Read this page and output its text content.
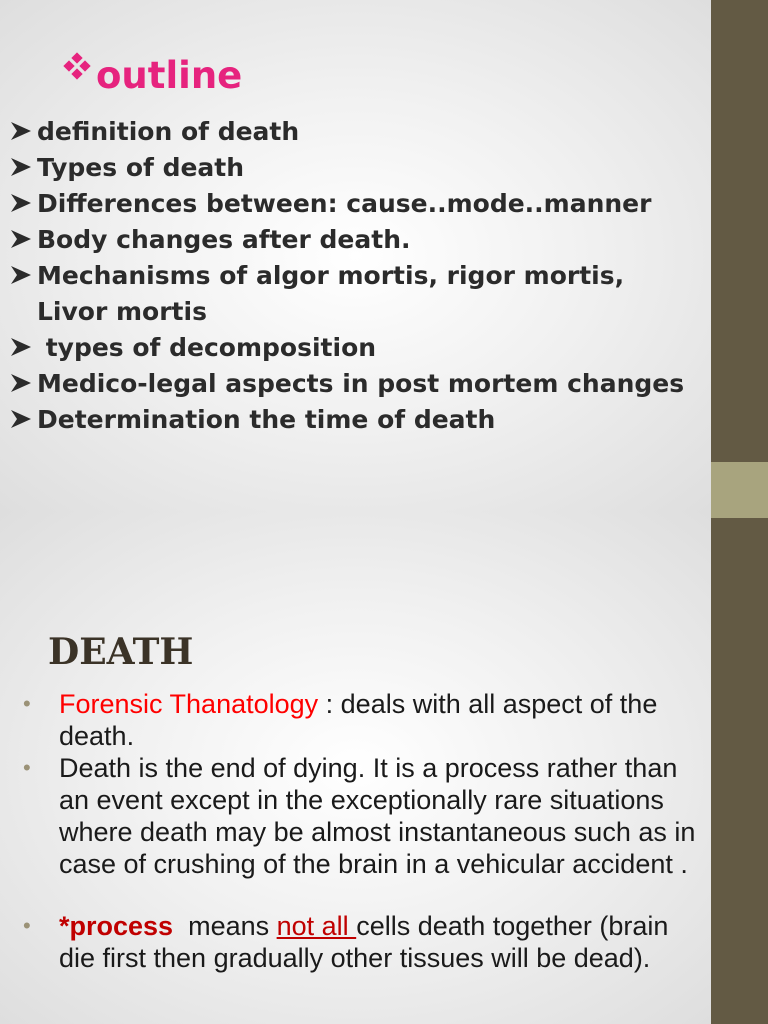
outline
definition of death
Types of death
Differences between: cause..mode..manner
Body changes after death.
Mechanisms of algor mortis, rigor mortis,
Livor mortis
types of decomposition
Medico-legal aspects in post mortem changes
Determination the time of death
DEATH
• Forensic Thanatology : deals with all aspect of the
death.
• Death is the end of dying. It is a process rather than
an event except in the exceptionally rare situations
where death may be almost instantaneous such as in
case of crushing of the brain in a vehicular accident .
• *process  means not all cells death together (brain
die first then gradually other tissues will be dead).
